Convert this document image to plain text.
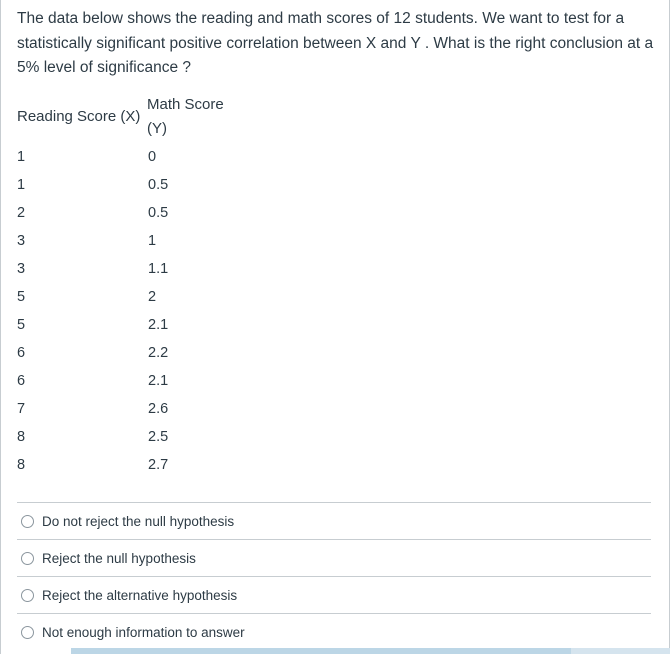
The data below shows the reading and math scores of 12 students. We want to test for a statistically significant positive correlation between X and Y . What is the right conclusion at a 5% level of significance ?

Reading Score (X)	Math Score (Y)

1	0
1	0.5
2	0.5
3	1
3	1.1
5	2
5	2.1
6	2.2
6	2.1
7	2.6
8	2.5
8	2.7
Do not reject the null hypothesis
Reject the null hypothesis
Reject the alternative hypothesis
Not enough information to answer
